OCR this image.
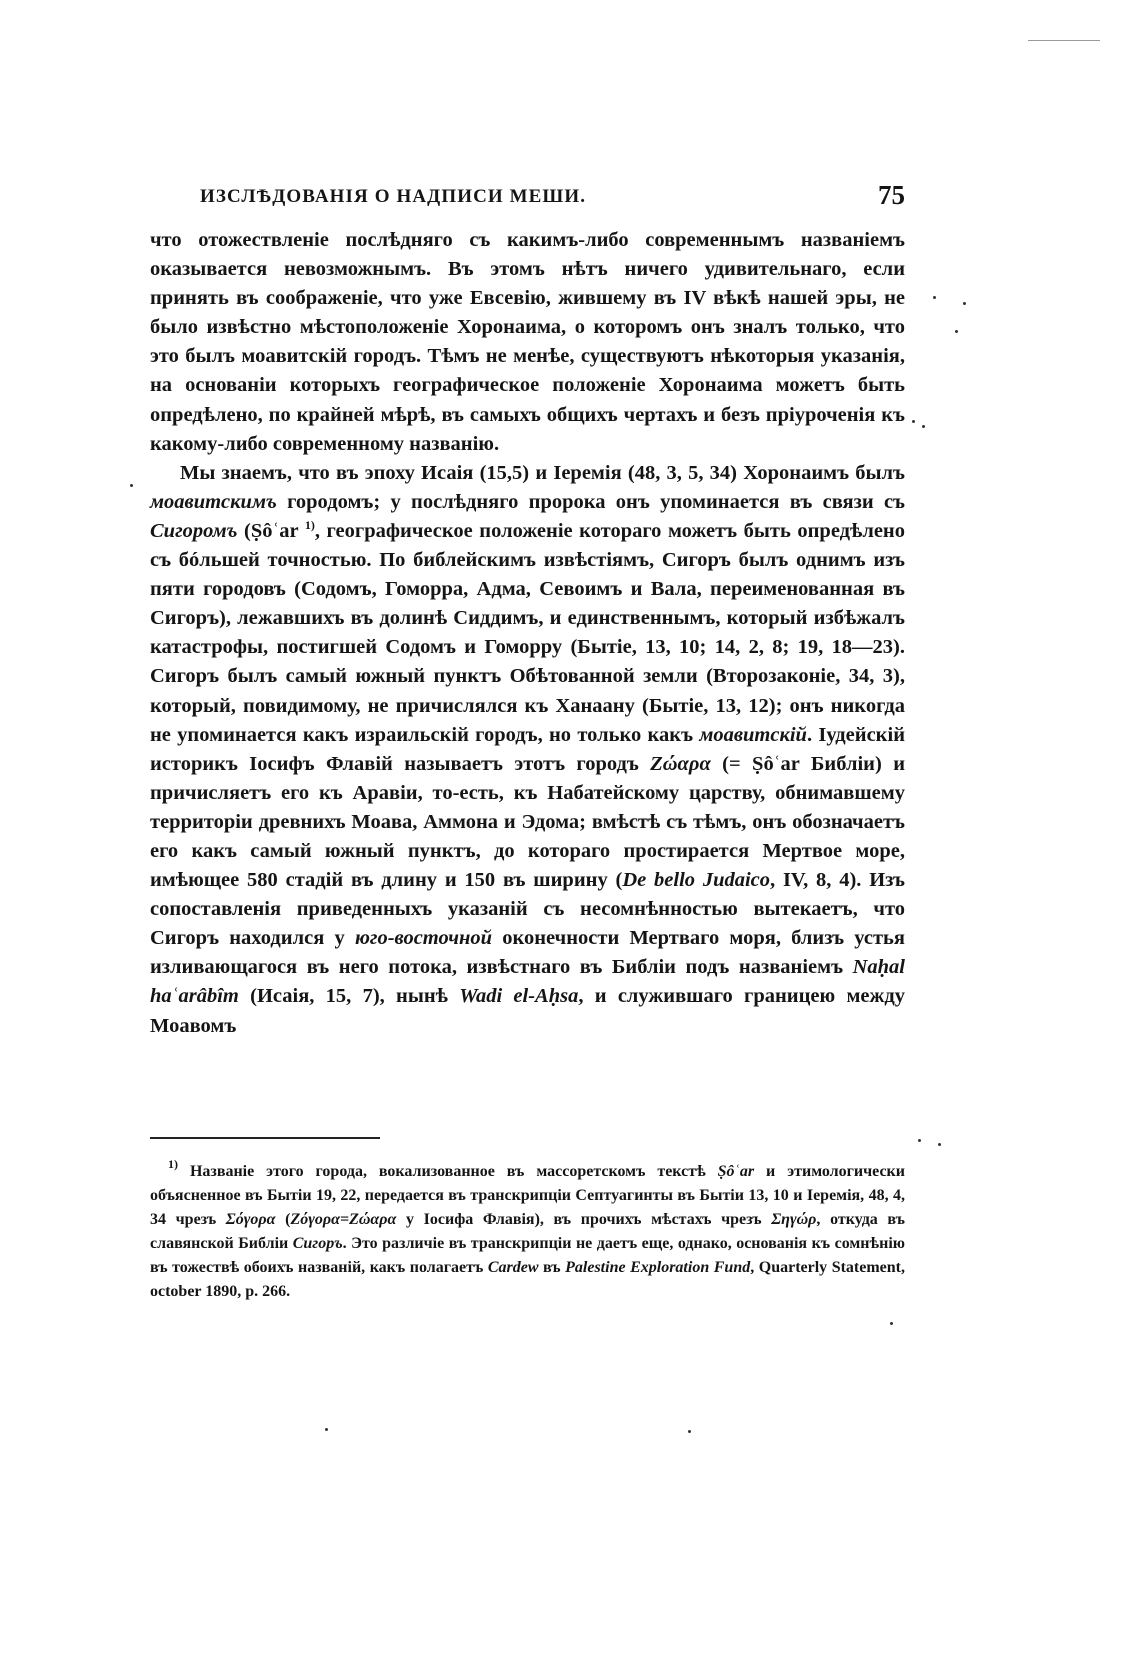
ИЗСЛѢДОВАНІЯ О НАДПИСИ МЕШИ.	75

что отожествленіе послѣдняго съ какимъ-либо современнымъ названіемъ оказывается невозможнымъ. Въ этомъ нѣтъ ничего удивительнаго, если принять въ соображеніе, что уже Евсевію, жившему въ IV вѣкѣ нашей эры, не было извѣстно мѣстоположеніе Хоронаима, о которомъ онъ зналъ только, что это былъ моавитскій городъ. Тѣмъ не менѣе, существуютъ нѣкоторыя указанія, на основаніи которыхъ географическое положеніе Хоронаима можетъ быть опредѣлено, по крайней мѣрѣ, въ самыхъ общихъ чертахъ и безъ пріуроченія къ какому-либо современному названію.

Мы знаемъ, что въ эпоху Исаія (15,5) и Іеремія (48, 3, 5, 34) Хоронаимъ былъ моавитскимъ городомъ; у послѣдняго пророка онъ упоминается въ связи съ Сигоромъ (Ṣôʿar $^{1)}$, географическое положеніе котораго можетъ быть опредѣлено съ бóльшей точностью. По библейскимъ извѣстіямъ, Сигоръ былъ однимъ изъ пяти городовъ (Содомъ, Гоморра, Адма, Севоимъ и Вала, переименованная въ Сигоръ), лежавшихъ въ долинѣ Сиддимъ, и единственнымъ, который избѣжалъ катастрофы, постигшей Содомъ и Гоморру (Бытіе, 13, 10; 14, 2, 8; 19, 18—23). Сигоръ былъ самый южный пунктъ Обѣтованной земли (Второзаконіе, 34, 3), который, повидимому, не причислялся къ Ханаану (Бытіе, 13, 12); онъ никогда не упоминается какъ израильскій городъ, но только какъ моавитскій. Іудейскій историкъ Іосифъ Флавій называетъ этотъ городъ Ζώαρα (= Ṣôʿar Библіи) и причисляетъ его къ Аравіи, то-есть, къ Набатейскому царству, обнимавшему территоріи древнихъ Моава, Аммона и Эдома; вмѣстѣ съ тѣмъ, онъ обозначаетъ его какъ самый южный пунктъ, до котораго простирается Мертвое море, имѣющее 580 стадій въ длину и 150 въ ширину (De bello Judaico, IV, 8, 4). Изъ сопоставленія приведенныхъ указаній съ несомнѣнностью вытекаетъ, что Сигоръ находился у юго-восточной оконечности Мертваго моря, близъ устья изливающагося въ него потока, извѣстнаго въ Библіи подъ названіемъ Naḥal haʿarâbîm (Исаія, 15, 7), нынѣ Wadi el-Aḥsa, и служившаго границею между Моавомъ

$^{1)}$ Названіе этого города, вокализованное въ массоретскомъ текстѣ Ṣôʿar и этимологически объясненное въ Бытіи 19, 22, передается въ транскрипціи Септуагинты въ Бытіи 13, 10 и Іеремія, 48, 4, 34 чрезъ Σόγορα (Ζόγορα=Ζώαρα у Іосифа Флавія), въ прочихъ мѣстахъ чрезъ Σηγώρ, откуда въ славянской Библіи Сигоръ. Это различіе въ транскрипціи не даетъ еще, однако, основанія къ сомнѣнію въ тожествѣ обоихъ названій, какъ полагаетъ Cardew въ Palestine Exploration Fund, Quarterly Statement, october 1890, p. 266.
